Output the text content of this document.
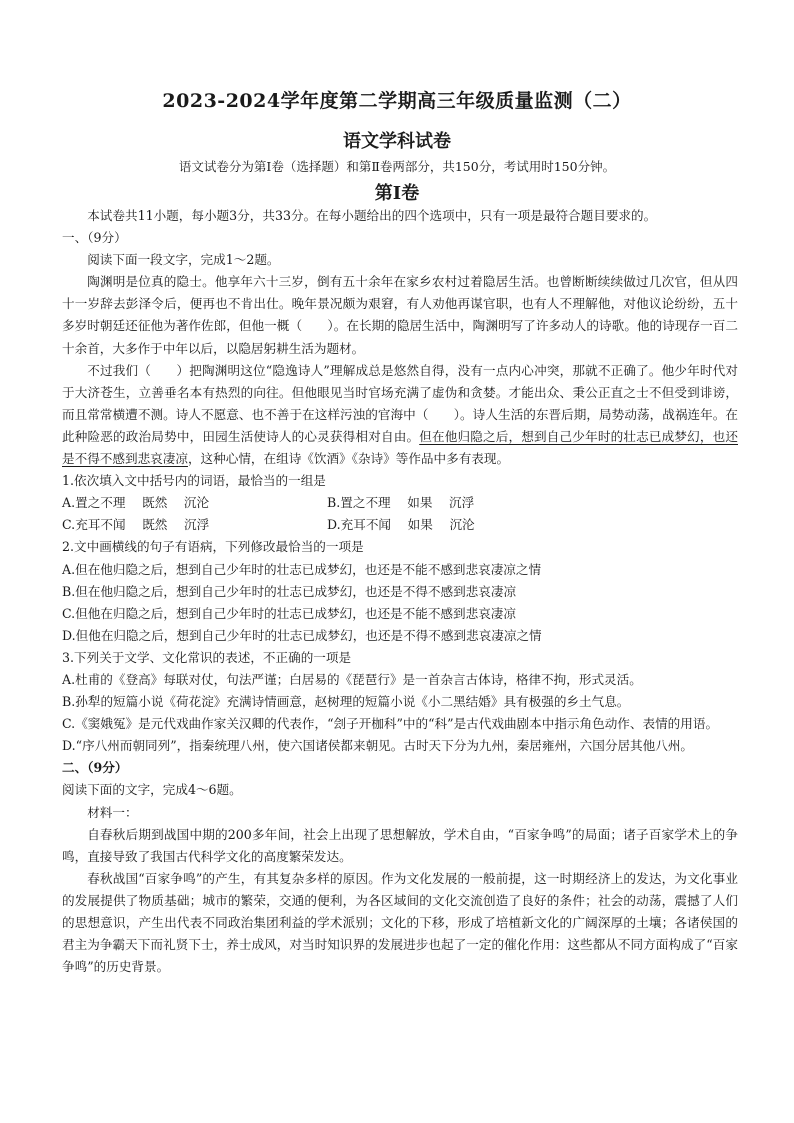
2023-2024学年度第二学期高三年级质量监测（二）
语文学科试卷
语文试卷分为第Ⅰ卷（选择题）和第Ⅱ卷两部分，共150分，考试用时150分钟。
第Ⅰ卷

本试卷共11小题，每小题3分，共33分。在每小题给出的四个选项中，只有一项是最符合题目要求的。

一、（9分）

阅读下面一段文字，完成1～2题。

陶渊明是位真的隐士。他享年六十三岁，倒有五十余年在家乡农村过着隐居生活。也曾断断续续做过几次官，但从四十一岁辞去彭泽令后，便再也不肯出仕。晚年景况颇为艰窘，有人劝他再谋官职，也有人不理解他，对他议论纷纷，五十多岁时朝廷还征他为著作佐郎，但他一概（　　）。在长期的隐居生活中，陶渊明写了许多动人的诗歌。他的诗现存一百二十余首，大多作于中年以后，以隐居躬耕生活为题材。

不过我们（　　）把陶渊明这位“隐逸诗人”理解成总是悠然自得，没有一点内心冲突，那就不正确了。他少年时代对于大济苍生，立善垂名本有热烈的向往。但他眼见当时官场充满了虚伪和贪婪。才能出众、秉公正直之士不但受到诽谤，而且常常横遭不测。诗人不愿意、也不善于在这样污浊的官海中（　　）。诗人生活的东晋后期，局势动荡，战祸连年。在此种险恶的政治局势中，田园生活使诗人的心灵获得相对自由。但在他归隐之后，想到自己少年时的壮志已成梦幻，也还是不得不感到悲哀凄凉，这种心情，在组诗《饮酒》《杂诗》等作品中多有表现。

1.依次填入文中括号内的词语，最恰当的一组是

A.置之不理　 既然　 沉沦	B.置之不理　 如果　 沉浮
C.充耳不闻　 既然　 沉浮	D.充耳不闻　 如果　 沉沦

2.文中画横线的句子有语病，下列修改最恰当的一项是

A.但在他归隐之后，想到自己少年时的壮志已成梦幻，也还是不能不感到悲哀凄凉之情

B.但在他归隐之后，想到自己少年时的壮志已成梦幻，也还是不得不感到悲哀凄凉

C.但他在归隐之后，想到自己少年时的壮志已成梦幻，也还是不能不感到悲哀凄凉

D.但他在归隐之后，想到自己少年时的壮志已成梦幻，也还是不得不感到悲哀凄凉之情

3.下列关于文学、文化常识的表述，不正确的一项是

A.杜甫的《登高》每联对仗，句法严谨；白居易的《琵琶行》是一首杂言古体诗，格律不拘，形式灵活。

B.孙犁的短篇小说《荷花淀》充满诗情画意，赵树理的短篇小说《小二黑结婚》具有极强的乡土气息。

C.《窦娥冤》是元代戏曲作家关汉卿的代表作，“刽子开枷科”中的“科”是古代戏曲剧本中指示角色动作、表情的用语。

D.“序八州而朝同列”，指秦统理八州，使六国诸侯都来朝见。古时天下分为九州，秦居雍州，六国分居其他八州。

二、（9分）

阅读下面的文字，完成4～6题。

材料一：

自春秋后期到战国中期的200多年间，社会上出现了思想解放，学术自由，“百家争鸣”的局面；诸子百家学术上的争鸣，直接导致了我国古代科学文化的高度繁荣发达。

春秋战国“百家争鸣”的产生，有其复杂多样的原因。作为文化发展的一般前提，这一时期经济上的发达，为文化事业的发展提供了物质基础；城市的繁荣，交通的便利，为各区域间的文化交流创造了良好的条件；社会的动荡，震撼了人们的思想意识，产生出代表不同政治集团利益的学术派别；文化的下移，形成了培植新文化的广阔深厚的土壤；各诸侯国的君主为争霸天下而礼贤下士，养士成风，对当时知识界的发展进步也起了一定的催化作用：这些都从不同方面构成了“百家争鸣”的历史背景。
